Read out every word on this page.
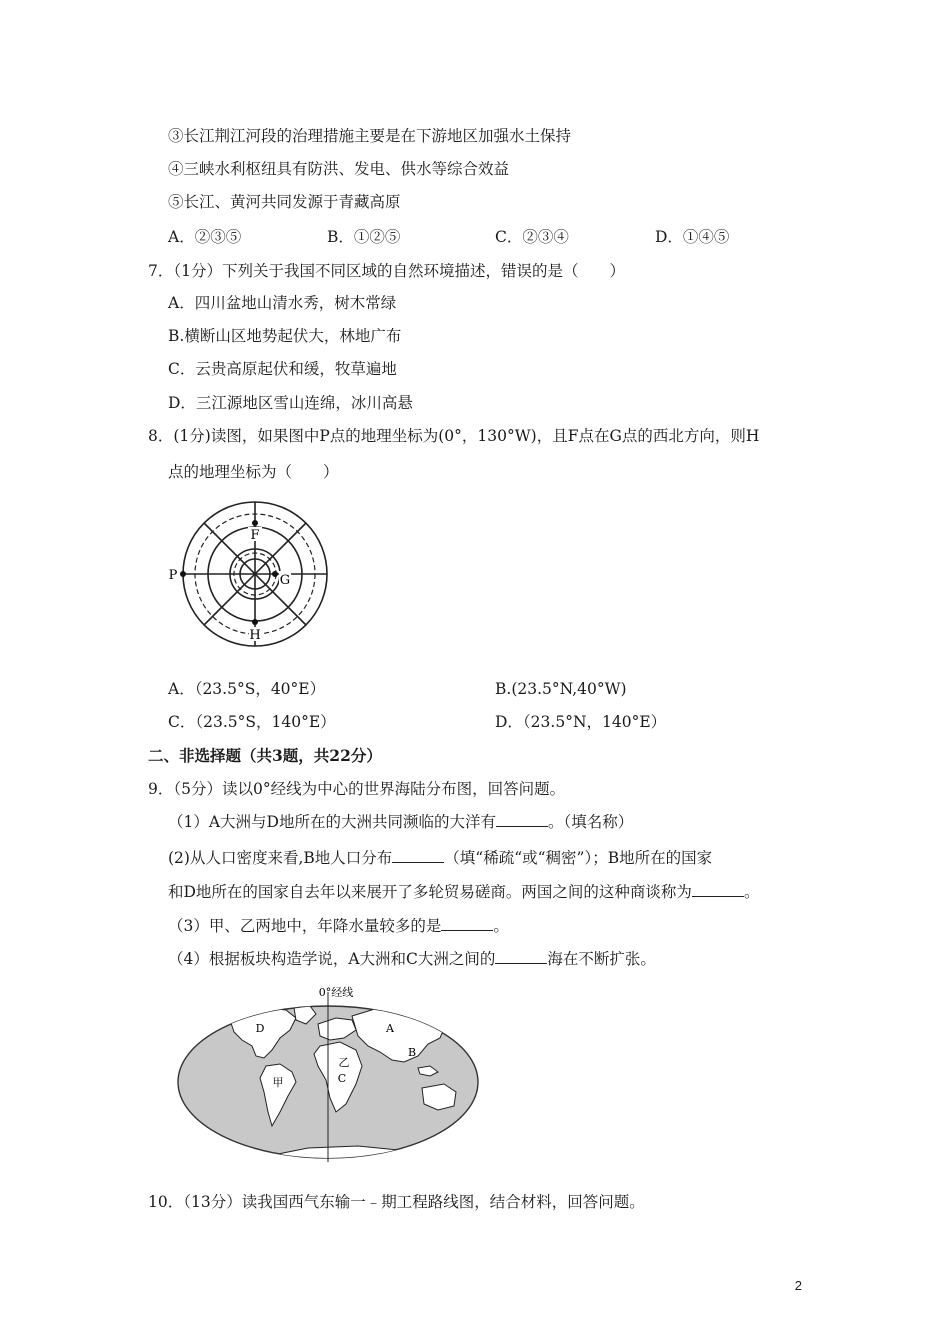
③长江荆江河段的治理措施主要是在下游地区加强水土保持
④三峡水利枢纽具有防洪、发电、供水等综合效益
⑤长江、黄河共同发源于青藏高原
A．②③⑤	B．①②⑤	C．②③④	D．①④⑤
7．（1分）下列关于我国不同区域的自然环境描述，错误的是（　　）
A．四川盆地山清水秀，树木常绿
B.横断山区地势起伏大，林地广布
C．云贵高原起伏和缓，牧草遍地
D．三江源地区雪山连绵，冰川高悬
8．(1分)读图，如果图中P点的地理坐标为(0°，130°W)，且F点在G点的西北方向，则H
点的地理坐标为（　　）
F
G
P
H
A．（23.5°S，40°E）	B.(23.5°N,40°W)
C．（23.5°S，140°E）	D．（23.5°N，140°E）
二、非选择题（共3题，共22分）
9．（5分）读以0°经线为中心的世界海陆分布图，回答问题。
（1）A大洲与D地所在的大洲共同濒临的大洋有	。（填名称）
(2)从人口密度来看,B地人口分布	（填“稀疏“或“稠密”）；B地所在的国家
和D地所在的国家自去年以来展开了多轮贸易磋商。两国之间的这种商谈称为	。
（3）甲、乙两地中，年降水量较多的是	。
（4）根据板块构造学说，A大洲和C大洲之间的	海在不断扩张。
0°经线
A
B
C
D
甲
乙
10．（13分）读我国西气东输一﹣期工程路线图，结合材料，回答问题。
2
